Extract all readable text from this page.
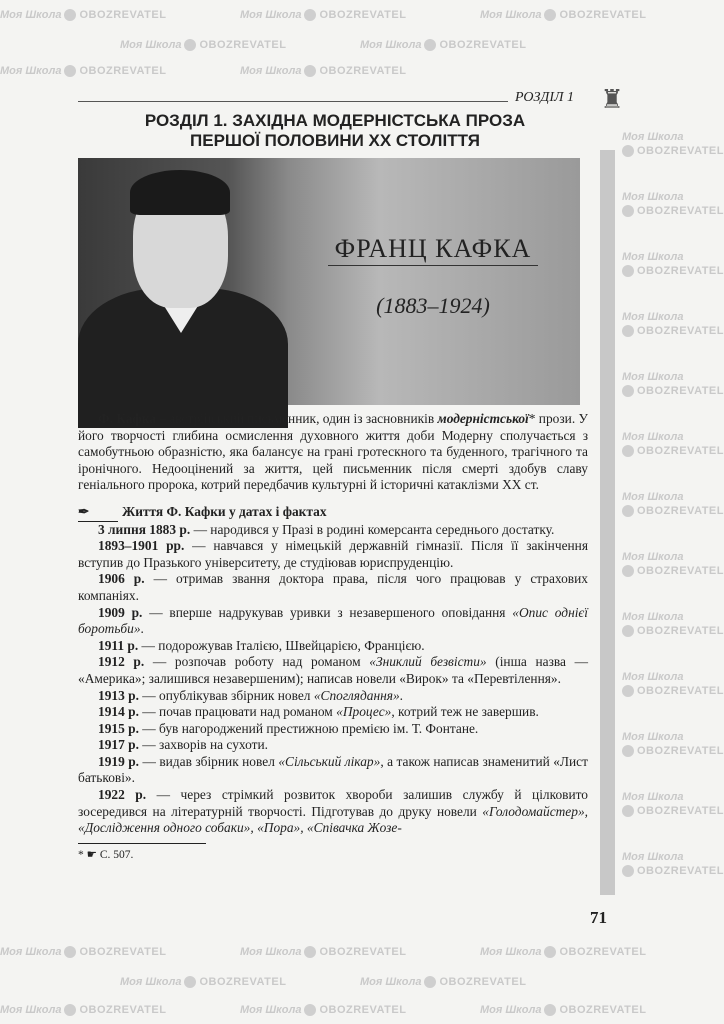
Моя Школа OBOZREVATEL	Моя Школа OBOZREVATEL	Моя Школа OBOZREVATEL
Моя Школа OBOZREVATEL	Моя Школа OBOZREVATEL
Моя Школа OBOZREVATEL	Моя Школа OBOZREVATEL
Моя Школа OBOZREVATEL	Моя Школа OBOZREVATEL	Моя Школа OBOZREVATEL
Моя Школа OBOZREVATEL	Моя Школа OBOZREVATEL
Моя Школа OBOZREVATEL	Моя Школа OBOZREVATEL	Моя Школа OBOZREVATEL
Моя Школа
OBOZREVATEL
Моя Школа
OBOZREVATEL
Моя Школа
OBOZREVATEL
Моя Школа
OBOZREVATEL
Моя Школа
OBOZREVATEL
Моя Школа
OBOZREVATEL
Моя Школа
OBOZREVATEL
Моя Школа
OBOZREVATEL
Моя Школа
OBOZREVATEL
Моя Школа
OBOZREVATEL
Моя Школа
OBOZREVATEL
Моя Школа
OBOZREVATEL
Моя Школа
OBOZREVATEL
РОЗДІЛ 1 ♜
РОЗДІЛ 1. ЗАХІДНА МОДЕРНІСТСЬКА ПРОЗА
ПЕРШОЇ ПОЛОВИНИ XX СТОЛІТТЯ
ФРАНЦ КАФКА
(1883–1924)

Ф. Кафка – австрійський письменник, один із засновників модерністської* прози. У його творчості глибина осмислення духовного життя доби Модерну сполучається з самобутньою образністю, яка балансує на грані гротескного та буденного, трагічного та іронічного. Недооцінений за життя, цей письменник після смерті здобув славу геніального пророка, котрий передбачив культурні й історичні катаклізми XX ст.

✒ Життя Ф. Кафки у датах і фактах

3 липня 1883 р. — народився у Празі в родині комерсанта середнього достатку.

1893–1901 рр. — навчався у німецькій державній гімназії. Після її закінчення вступив до Празького університету, де студіював юриспруденцію.

1906 р. — отримав звання доктора права, після чого працював у страхових компаніях.

1909 р. — вперше надрукував уривки з незавершеного оповідання «Опис однієї боротьби».

1911 р. — подорожував Італією, Швейцарією, Францією.

1912 р. — розпочав роботу над романом «Зниклий безвісти» (інша назва — «Америка»; залишився незавершеним); написав новели «Вирок» та «Перевтілення».

1913 р. — опублікував збірник новел «Споглядання».

1914 р. — почав працювати над романом «Процес», котрий теж не завершив.

1915 р. — був нагороджений престижною премією ім. Т. Фонтане.

1917 р. — захворів на сухоти.

1919 р. — видав збірник новел «Сільський лікар», а також написав знаменитий «Лист батькові».

1922 р. — через стрімкий розвиток хвороби залишив службу й цілковито зосередився на літературній творчості. Підготував до друку новели «Голодомайстер», «Дослідження одного собаки», «Пора», «Співачка Жозе-

* ☛ С. 507.
71
